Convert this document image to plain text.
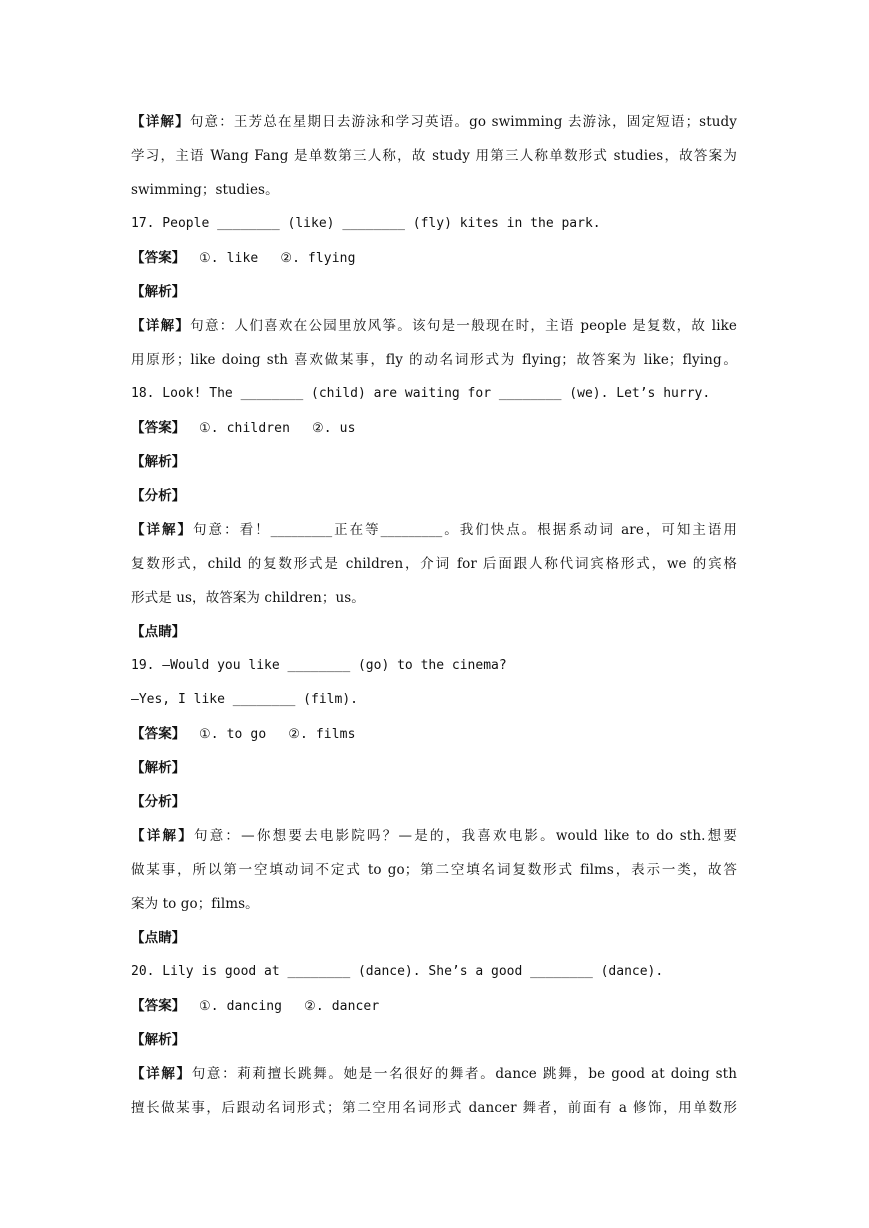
【详解】句意：王芳总在星期日去游泳和学习英语。go swimming 去游泳，固定短语；study
学习，主语 Wang Fang 是单数第三人称，故 study 用第三人称单数形式 studies，故答案为
swimming；studies。
17. People ________ (like) ________ (fly) kites in the park.
【答案】 ①. like ②. flying
【解析】
【详解】句意：人们喜欢在公园里放风筝。该句是一般现在时，主语 people 是复数，故 like
用原形；like doing sth 喜欢做某事，fly 的动名词形式为 flying；故答案为 like；flying。
18. Look! The ________ (child) are waiting for ________ (we). Let’s hurry.
【答案】 ①. children ②. us
【解析】
【分析】
【详解】句意：看！_________正在等_________。我们快点。根据系动词 are，可知主语用
复数形式，child 的复数形式是 children，介词 for 后面跟人称代词宾格形式，we 的宾格
形式是 us，故答案为 children；us。
【点睛】
19. —Would you like ________ (go) to the cinema?
—Yes, I like ________ (film).
【答案】 ①. to go ②. films
【解析】
【分析】
【详解】句意：—你想要去电影院吗？—是的，我喜欢电影。would like to do sth.想要
做某事，所以第一空填动词不定式 to go；第二空填名词复数形式 films，表示一类，故答
案为 to go；films。
【点睛】
20. Lily is good at ________ (dance). She’s a good ________ (dance).
【答案】 ①. dancing ②. dancer
【解析】
【详解】句意：莉莉擅长跳舞。她是一名很好的舞者。dance 跳舞，be good at doing sth
擅长做某事，后跟动名词形式；第二空用名词形式 dancer 舞者，前面有 a 修饰，用单数形
